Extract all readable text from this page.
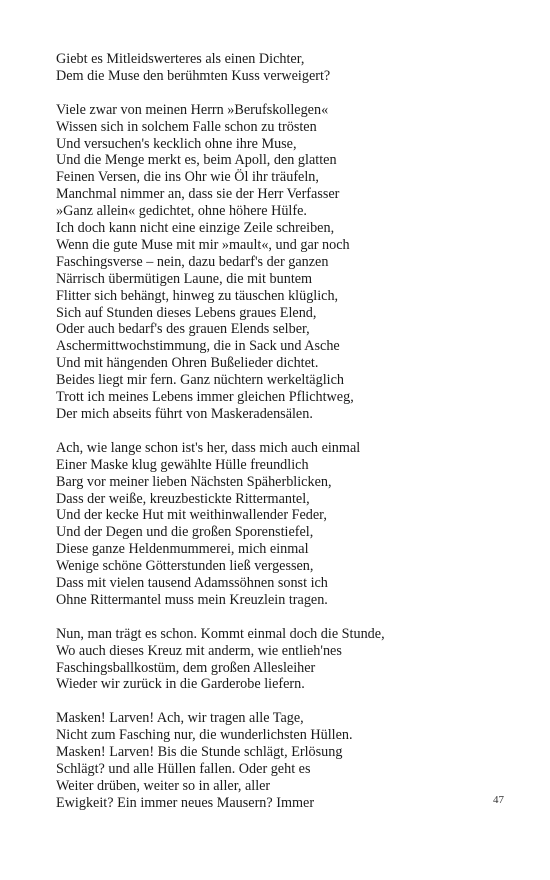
Giebt es Mitleidswerteres als einen Dichter,
Dem die Muse den berühmten Kuss verweigert?
Viele zwar von meinen Herrn »Berufskollegen«
Wissen sich in solchem Falle schon zu trösten
Und versuchen's kecklich ohne ihre Muse,
Und die Menge merkt es, beim Apoll, den glatten
Feinen Versen, die ins Ohr wie Öl ihr träufeln,
Manchmal nimmer an, dass sie der Herr Verfasser
»Ganz allein« gedichtet, ohne höhere Hülfe.
Ich doch kann nicht eine einzige Zeile schreiben,
Wenn die gute Muse mit mir »mault«, und gar noch
Faschingsverse – nein, dazu bedarf's der ganzen
Närrisch übermütigen Laune, die mit buntem
Flitter sich behängt, hinweg zu täuschen klüglich,
Sich auf Stunden dieses Lebens graues Elend,
Oder auch bedarf's des grauen Elends selber,
Aschermittwochstimmung, die in Sack und Asche
Und mit hängenden Ohren Bußelieder dichtet.
Beides liegt mir fern. Ganz nüchtern werkeltäglich
Trott ich meines Lebens immer gleichen Pflichtweg,
Der mich abseits führt von Maskeradensälen.
Ach, wie lange schon ist's her, dass mich auch einmal
Einer Maske klug gewählte Hülle freundlich
Barg vor meiner lieben Nächsten Späherblicken,
Dass der weiße, kreuzbestickte Rittermantel,
Und der kecke Hut mit weithinwallender Feder,
Und der Degen und die großen Sporenstiefel,
Diese ganze Heldenmummerei, mich einmal
Wenige schöne Götterstunden ließ vergessen,
Dass mit vielen tausend Adamssöhnen sonst ich
Ohne Rittermantel muss mein Kreuzlein tragen.
Nun, man trägt es schon. Kommt einmal doch die Stunde,
Wo auch dieses Kreuz mit anderm, wie entlieh'nes
Faschingsballkostüm, dem großen Allesleiher
Wieder wir zurück in die Garderobe liefern.
Masken! Larven! Ach, wir tragen alle Tage,
Nicht zum Fasching nur, die wunderlichsten Hüllen.
Masken! Larven! Bis die Stunde schlägt, Erlösung
Schlägt? und alle Hüllen fallen. Oder geht es
Weiter drüben, weiter so in aller, aller
Ewigkeit? Ein immer neues Mausern? Immer	47
